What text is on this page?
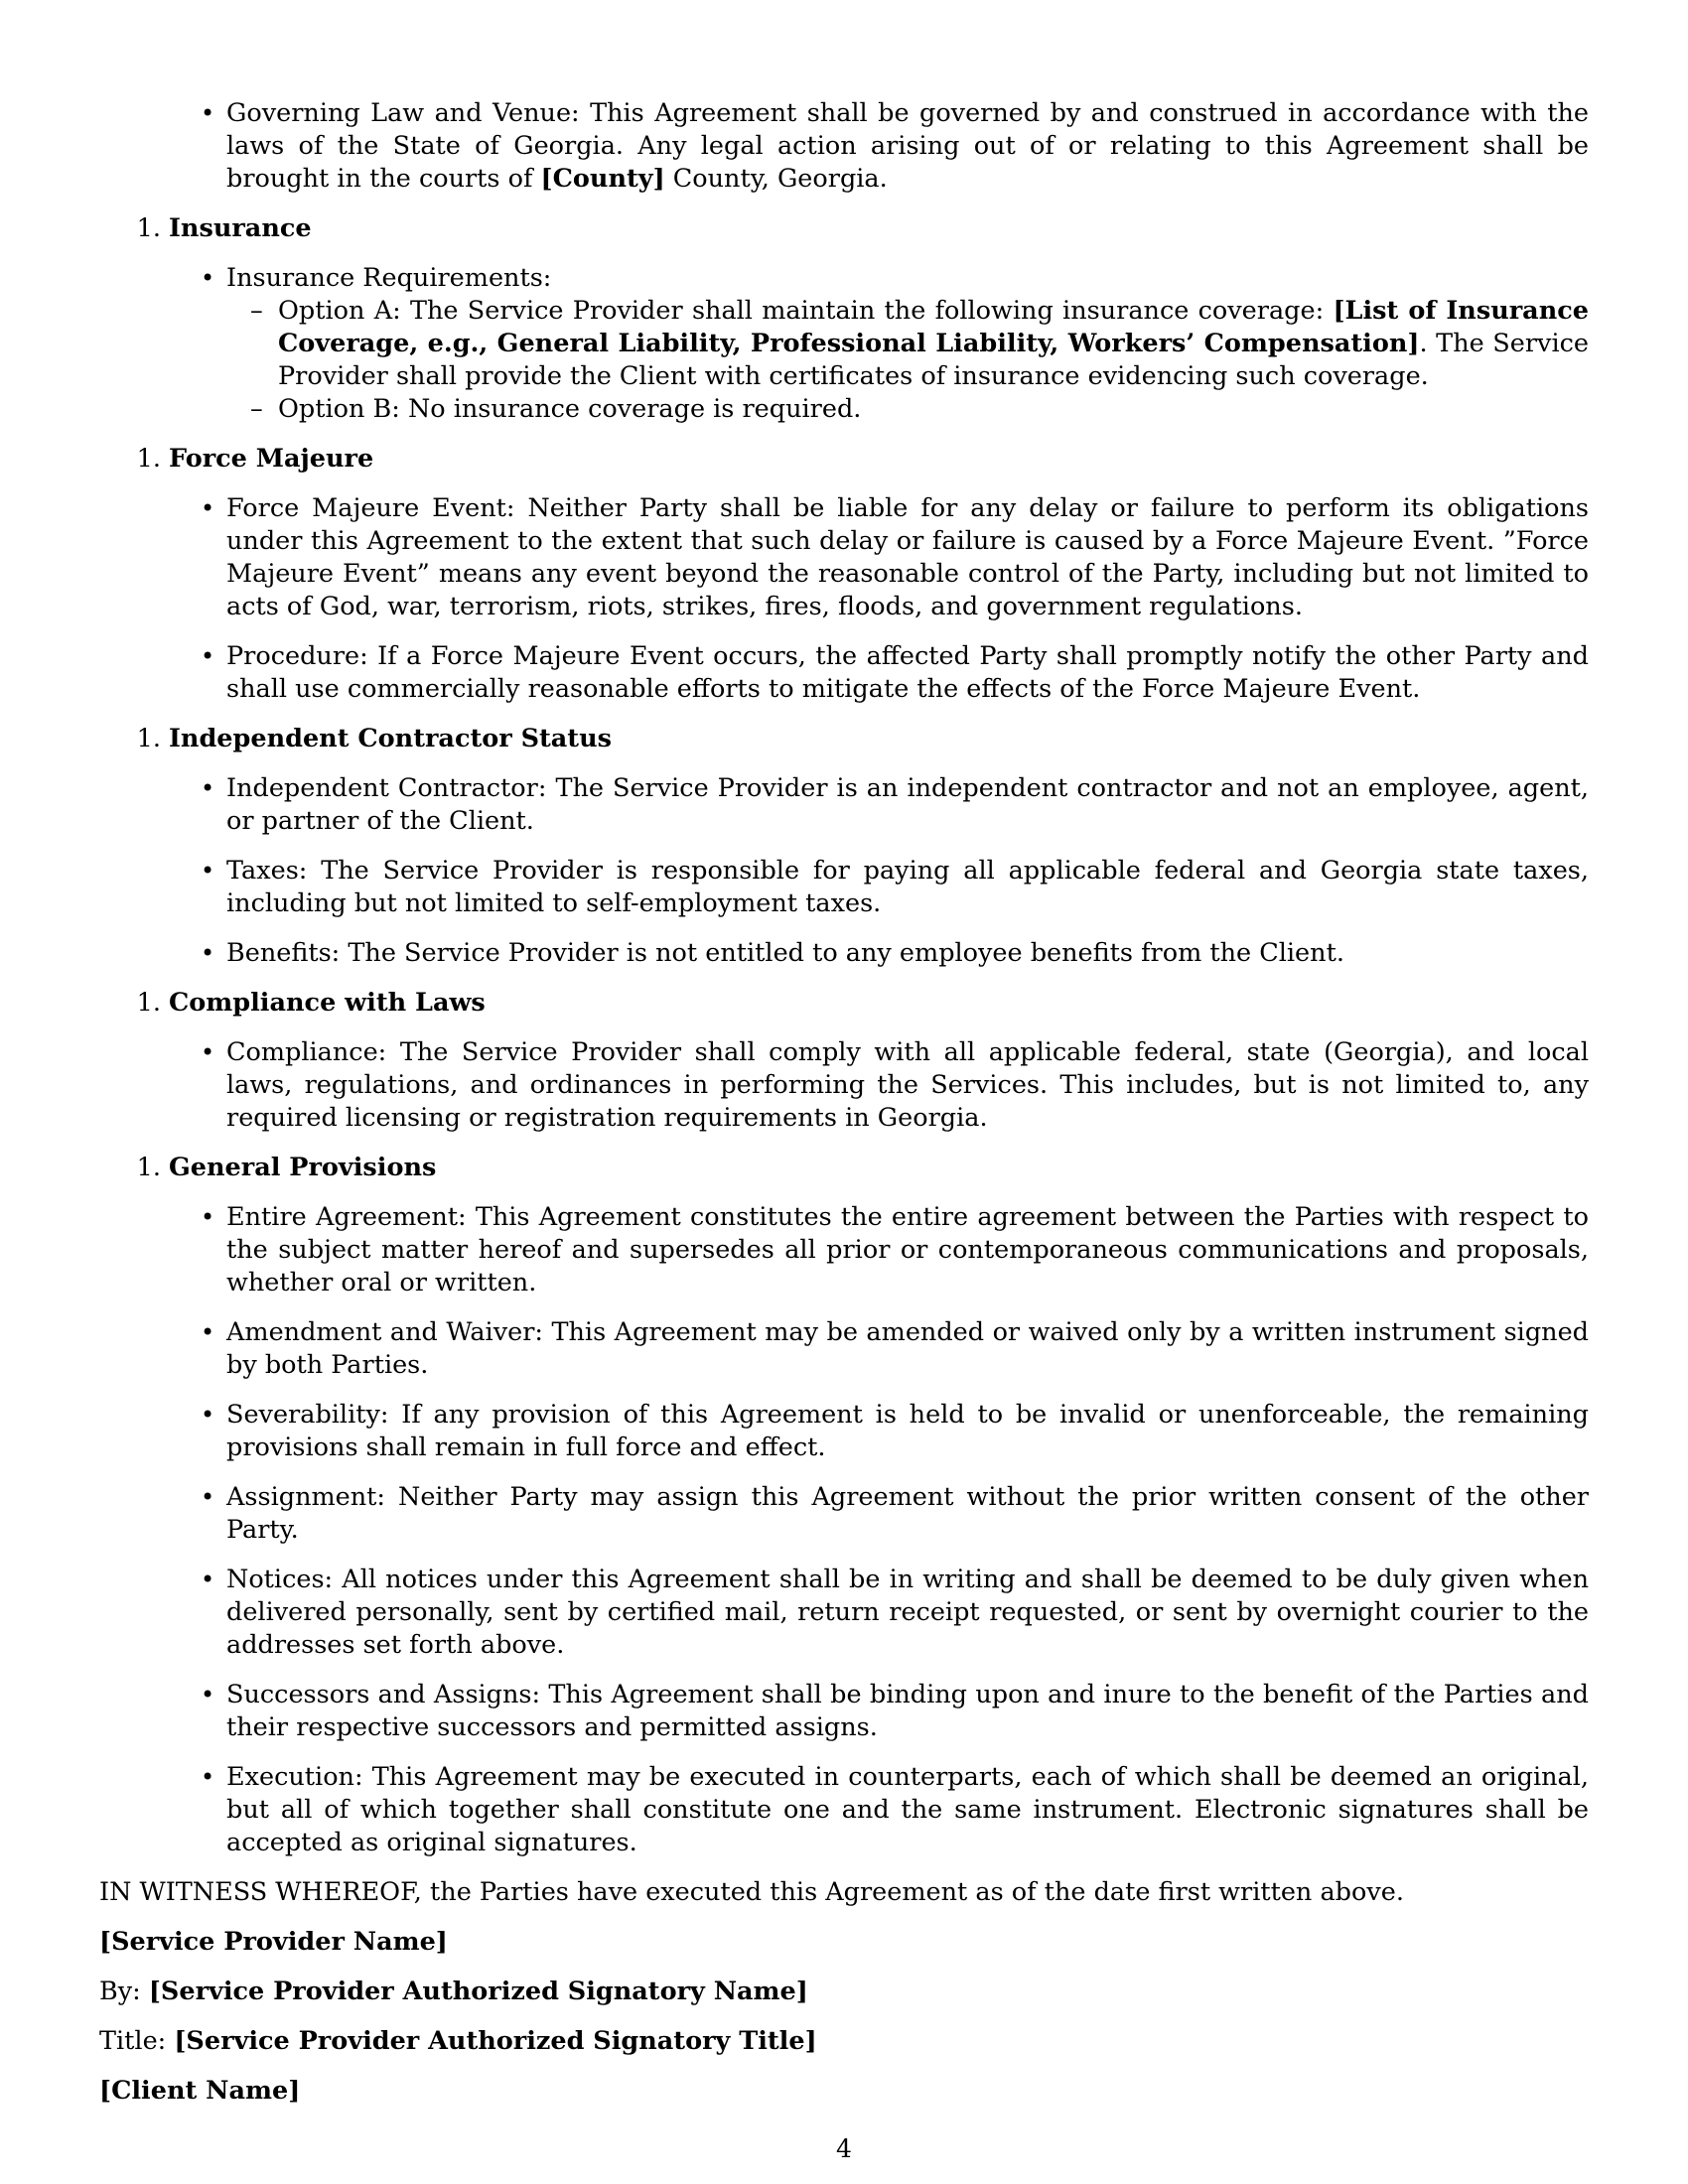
• Governing Law and Venue: This Agreement shall be governed by and construed in accordance with the laws of the State of Georgia. Any legal action arising out of or relating to this Agreement shall be brought in the courts of [County] County, Georgia.
1. Insurance
• Insurance Requirements:
– Option A: The Service Provider shall maintain the following insurance coverage: [List of Insurance Coverage, e.g., General Liability, Professional Liability, Workers’ Compensation]. The Service Provider shall provide the Client with certificates of insurance evidencing such coverage.
– Option B: No insurance coverage is required.
1. Force Majeure
• Force Majeure Event: Neither Party shall be liable for any delay or failure to perform its obligations under this Agreement to the extent that such delay or failure is caused by a Force Majeure Event. ”Force Majeure Event” means any event beyond the reasonable control of the Party, including but not limited to acts of God, war, terrorism, riots, strikes, fires, floods, and government regulations.
• Procedure: If a Force Majeure Event occurs, the affected Party shall promptly notify the other Party and shall use commercially reasonable efforts to mitigate the effects of the Force Majeure Event.
1. Independent Contractor Status
• Independent Contractor: The Service Provider is an independent contractor and not an employee, agent, or partner of the Client.
• Taxes: The Service Provider is responsible for paying all applicable federal and Georgia state taxes, including but not limited to self-employment taxes.
• Benefits: The Service Provider is not entitled to any employee benefits from the Client.
1. Compliance with Laws
• Compliance: The Service Provider shall comply with all applicable federal, state (Georgia), and local laws, regulations, and ordinances in performing the Services. This includes, but is not limited to, any required licensing or registration requirements in Georgia.
1. General Provisions
• Entire Agreement: This Agreement constitutes the entire agreement between the Parties with respect to the subject matter hereof and supersedes all prior or contemporaneous communications and proposals, whether oral or written.
• Amendment and Waiver: This Agreement may be amended or waived only by a written instrument signed by both Parties.
• Severability: If any provision of this Agreement is held to be invalid or unenforceable, the remaining provisions shall remain in full force and effect.
• Assignment: Neither Party may assign this Agreement without the prior written consent of the other Party.
• Notices: All notices under this Agreement shall be in writing and shall be deemed to be duly given when delivered personally, sent by certified mail, return receipt requested, or sent by overnight courier to the addresses set forth above.
• Successors and Assigns: This Agreement shall be binding upon and inure to the benefit of the Parties and their respective successors and permitted assigns.
• Execution: This Agreement may be executed in counterparts, each of which shall be deemed an original, but all of which together shall constitute one and the same instrument. Electronic signatures shall be accepted as original signatures.

IN WITNESS WHEREOF, the Parties have executed this Agreement as of the date first written above.

[Service Provider Name]

By: [Service Provider Authorized Signatory Name]

Title: [Service Provider Authorized Signatory Title]

[Client Name]

4
